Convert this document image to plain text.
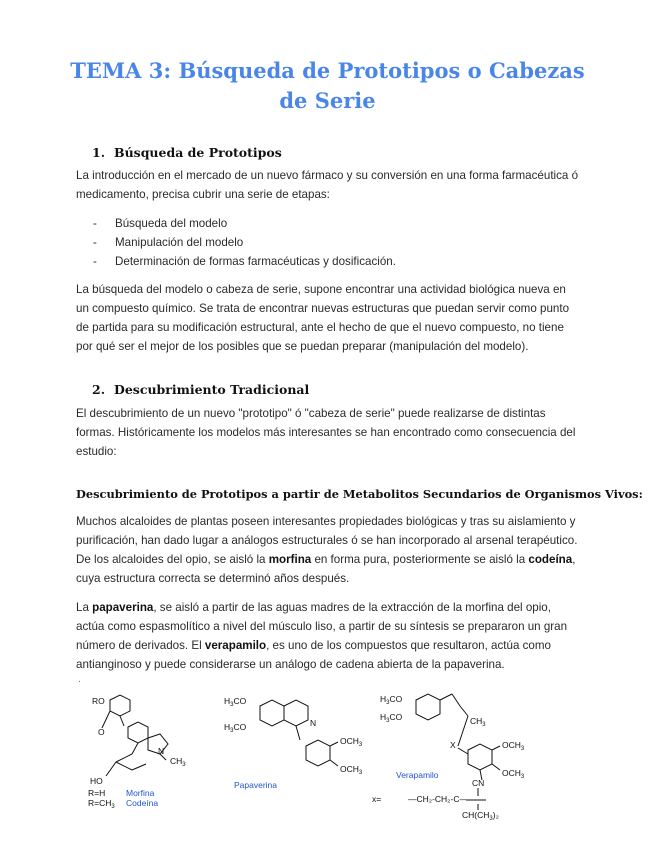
TEMA 3: Búsqueda de Prototipos o Cabezas de Serie
1. Búsqueda de Prototipos

La introducción en el mercado de un nuevo fármaco y su conversión en una forma farmacéutica ó medicamento, precisa cubrir una serie de etapas:

- Búsqueda del modelo
- Manipulación del modelo
- Determinación de formas farmacéuticas y dosificación.

La búsqueda del modelo o cabeza de serie, supone encontrar una actividad biológica nueva en un compuesto químico. Se trata de encontrar nuevas estructuras que puedan servir como punto de partida para su modificación estructural, ante el hecho de que el nuevo compuesto, no tiene por qué ser el mejor de los posibles que se puedan preparar (manipulación del modelo).

2. Descubrimiento Tradicional

El descubrimiento de un nuevo "prototipo" ó "cabeza de serie" puede realizarse de distintas formas. Históricamente los modelos más interesantes se han encontrado como consecuencia del estudio:

Descubrimiento de Prototipos a partir de Metabolitos Secundarios de Organismos Vivos:

Muchos alcaloides de plantas poseen interesantes propiedades biológicas y tras su aislamiento y purificación, han dado lugar a análogos estructurales ó se han incorporado al arsenal terapéutico. De los alcaloides del opio, se aisló la morfina en forma pura, posteriormente se aisló la codeína, cuya estructura correcta se determinó años después.

La papaverina, se aisló a partir de las aguas madres de la extracción de la morfina del opio, actúa como espasmolítico a nivel del músculo liso, a partir de su síntesis se prepararon un gran número de derivados. El verapamilo, es uno de los compuestos que resultaron, actúa como antianginoso y puede considerarse un análogo de cadena abierta de la papaverina.

.
RO
O
N
$CH_3$
HO
R=H Morfina
$R=CH_3$ Codeína
$H_3CO$
$H_3CO$	N
$OCH_3$
$OCH_3$
Papaverina
$H_3CO$
$H_3CO$	$CH_3$
X	$OCH_3$
$OCH_3$
Verapamilo
CN
x=	—CH₂‐CH₂‐C—
$CH(CH_3)_2$
